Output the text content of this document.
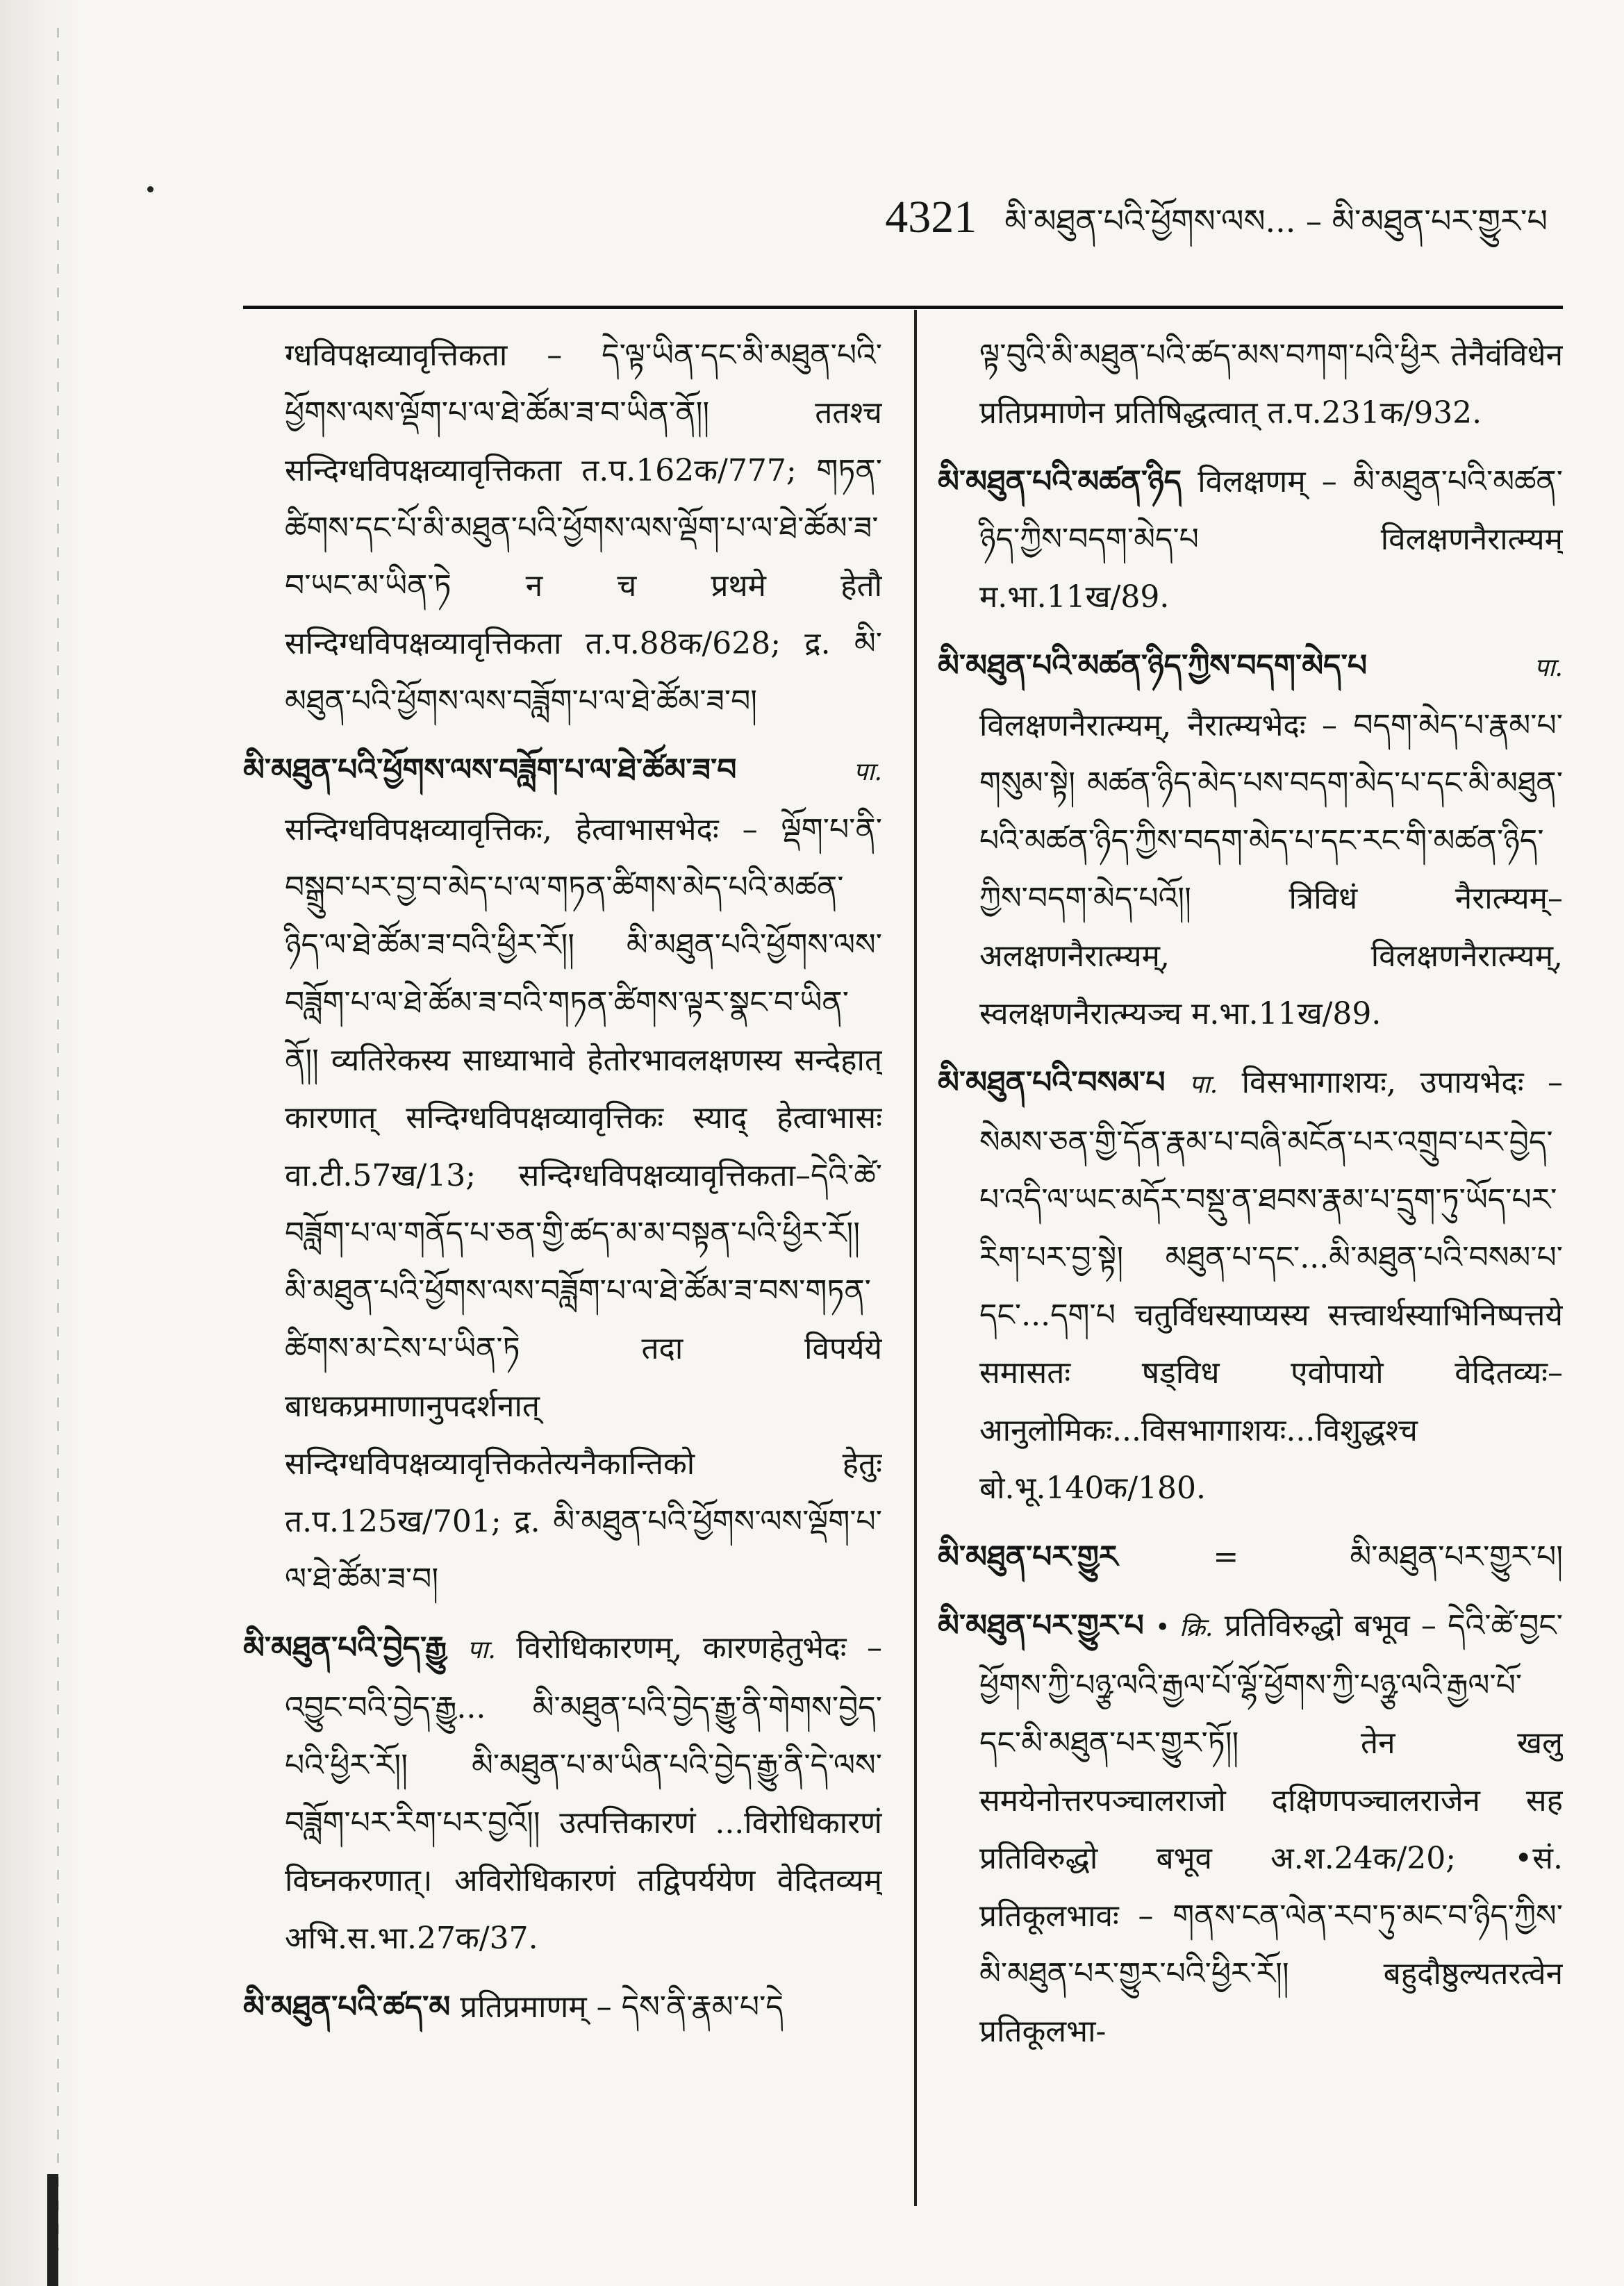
4321 མི་མཐུན་པའི་ཕྱོགས་ལས... – མི་མཐུན་པར་གྱུར་པ

ग्धविपक्षव्यावृत्तिकता – དེ་ལྟ་ཡིན་དང་མི་མཐུན་པའི་ཕྱོགས་ལས་ལྡོག་པ་ལ་ཐེ་ཚོམ་ཟ་བ་ཡིན་ནོ།། ततश्च सन्दिग्धविपक्षव्यावृत्तिकता त.प.162क/777; གཏན་ཚིགས་དང་པོ་མི་མཐུན་པའི་ཕྱོགས་ལས་ལྡོག་པ་ལ་ཐེ་ཚོམ་ཟ་བ་ཡང་མ་ཡིན་ཏེ न च प्रथमे हेतौ सन्दिग्धविपक्षव्यावृत्तिकता त.प.88क/628; द्र. མི་མཐུན་པའི་ཕྱོགས་ལས་བཟློག་པ་ལ་ཐེ་ཚོམ་ཟ་བ།

མི་མཐུན་པའི་ཕྱོགས་ལས་བཟློག་པ་ལ་ཐེ་ཚོམ་ཟ་བ	पा. सन्दिग्धविपक्षव्यावृत्तिकः, हेत्वाभासभेदः – ལྡོག་པ་ནི་བསྒྲུབ་པར་བྱ་བ་མེད་པ་ལ་གཏན་ཚིགས་མེད་པའི་མཚན་ཉིད་ལ་ཐེ་ཚོམ་ཟ་བའི་ཕྱིར་རོ།། མི་མཐུན་པའི་ཕྱོགས་ལས་བཟློག་པ་ལ་ཐེ་ཚོམ་ཟ་བའི་གཏན་ཚིགས་ལྟར་སྣང་བ་ཡིན་ནོ།། व्यतिरेकस्य साध्याभावे हेतोरभावलक्षणस्य सन्देहात् कारणात् सन्दिग्धविपक्षव्यावृत्तिकः स्याद् हेत्वाभासः वा.टी.57ख/13; सन्दिग्धविपक्षव्यावृत्तिकता–དེའི་ཚེ་བཟློག་པ་ལ་གནོད་པ་ཅན་གྱི་ཚད་མ་མ་བསྟན་པའི་ཕྱིར་རོ།། མི་མཐུན་པའི་ཕྱོགས་ལས་བཟློག་པ་ལ་ཐེ་ཚོམ་ཟ་བས་གཏན་ཚིགས་མ་ངེས་པ་ཡིན་ཏེ तदा विपर्यये बाधकप्रमाणानुपदर्शनात् सन्दिग्धविपक्षव्यावृत्तिकतेत्यनैकान्तिको हेतुः त.प.125ख/701; द्र. མི་མཐུན་པའི་ཕྱོགས་ལས་ལྡོག་པ་ལ་ཐེ་ཚོམ་ཟ་བ།

མི་མཐུན་པའི་བྱེད་རྒྱུ पा. विरोधिकारणम्, कारणहेतुभेदः – འབྱུང་བའི་བྱེད་རྒྱུ... མི་མཐུན་པའི་བྱེད་རྒྱུ་ནི་གེགས་བྱེད་པའི་ཕྱིར་རོ།། མི་མཐུན་པ་མ་ཡིན་པའི་བྱེད་རྒྱུ་ནི་དེ་ལས་བཟློག་པར་རིག་པར་བྱའོ།། उत्पत्तिकारणं ...विरोधिकारणं विघ्नकरणात्। अविरोधिकारणं तद्विपर्ययेण वेदितव्यम् अभि.स.भा.27क/37.

མི་མཐུན་པའི་ཚད་མ प्रतिप्रमाणम् – དེས་ནི་རྣམ་པ་དེ

ལྟ་བུའི་མི་མཐུན་པའི་ཚད་མས་བཀག་པའི་ཕྱིར तेनैवंविधेन प्रतिप्रमाणेन प्रतिषिद्धत्वात् त.प.231क/932.

མི་མཐུན་པའི་མཚན་ཉིད विलक्षणम् – མི་མཐུན་པའི་མཚན་ཉིད་ཀྱིས་བདག་མེད་པ विलक्षणनैरात्म्यम् म.भा.11ख/89.

མི་མཐུན་པའི་མཚན་ཉིད་ཀྱིས་བདག་མེད་པ	पा. विलक्षणनैरात्म्यम्, नैरात्म्यभेदः – བདག་མེད་པ་རྣམ་པ་གསུམ་སྟེ། མཚན་ཉིད་མེད་པས་བདག་མེད་པ་དང་མི་མཐུན་པའི་མཚན་ཉིད་ཀྱིས་བདག་མེད་པ་དང་རང་གི་མཚན་ཉིད་ཀྱིས་བདག་མེད་པའོ།། त्रिविधं नैरात्म्यम्–अलक्षणनैरात्म्यम्, विलक्षणनैरात्म्यम्, स्वलक्षणनैरात्म्यञ्च म.भा.11ख/89.

མི་མཐུན་པའི་བསམ་པ पा. विसभागाशयः, उपायभेदः – སེམས་ཅན་གྱི་དོན་རྣམ་པ་བཞི་མངོན་པར་འགྲུབ་པར་བྱེད་པ་འདི་ལ་ཡང་མདོར་བསྡུ་ན་ཐབས་རྣམ་པ་དྲུག་ཏུ་ཡོད་པར་རིག་པར་བྱ་སྟེ། མཐུན་པ་དང་...མི་མཐུན་པའི་བསམ་པ་དང་...དག་པ चतुर्विधस्याप्यस्य सत्त्वार्थस्याभिनिष्पत्तये समासतः षड्विध एवोपायो वेदितव्यः–आनुलोमिकः...विसभागाशयः...विशुद्धश्च बो.भू.140क/180.

མི་མཐུན་པར་གྱུར	=	མི་མཐུན་པར་གྱུར་པ།

མི་མཐུན་པར་གྱུར་པ • क्रि. प्रतिविरुद्धो बभूव – དེའི་ཚེ་བྱང་ཕྱོགས་ཀྱི་པཉྩ་ལའི་རྒྱལ་པོ་ལྷོ་ཕྱོགས་ཀྱི་པཉྩ་ལའི་རྒྱལ་པོ་དང་མི་མཐུན་པར་གྱུར་ཏོ།། तेन खलु समयेनोत्तरपञ्चालराजो दक्षिणपञ्चालराजेन सह प्रतिविरुद्धो बभूव अ.श.24क/20; •सं. प्रतिकूलभावः – གནས་ངན་ལེན་རབ་ཏུ་མང་བ་ཉིད་ཀྱིས་མི་མཐུན་པར་གྱུར་པའི་ཕྱིར་རོ།། बहुदौष्ठुल्यतरत्वेन प्रतिकूलभा-
